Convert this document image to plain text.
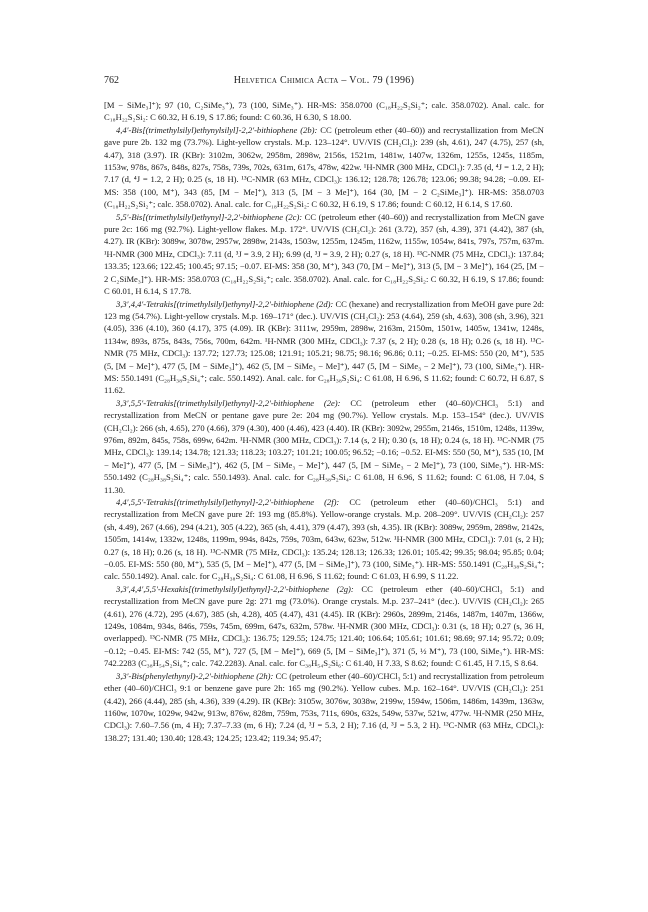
762	Helvetica Chimica Acta – Vol. 79 (1996)

[M − SiMe₃]⁺); 97 (10, C₂SiMe₃⁺), 73 (100, SiMe₃⁺). HR-MS: 358.0700 (C₁₈H₂₂S₂Si₂⁺; calc. 358.0702). Anal. calc. for C₁₈H₂₂S₂Si₂: C 60.32, H 6.19, S 17.86; found: C 60.36, H 6.30, S 18.00.

4,4′-Bis[(trimethylsilyl)ethynylsilyl]-2,2′-bithiophene (2b): CC (petroleum ether (40–60)) and recrystallization from MeCN gave pure 2b. 132 mg (73.7%). Light-yellow crystals. M.p. 123–124°. UV/VIS (CH₂Cl₂): 239 (sh, 4.61), 247 (4.75), 257 (sh, 4.47), 318 (3.97). IR (KBr): 3102m, 3062w, 2958m, 2898w, 2156s, 1521m, 1481w, 1407w, 1326m, 1255s, 1245s, 1185m, 1153w, 978s, 867s, 848s, 827s, 758s, 739s, 702s, 631m, 617s, 478w, 422w. ¹H-NMR (300 MHz, CDCl₃): 7.35 (d, ⁴J = 1.2, 2 H); 7.17 (d, ⁴J = 1.2, 2 H); 0.25 (s, 18 H). ¹³C-NMR (63 MHz, CDCl₃): 136.12; 128.78; 126.78; 123.06; 99.38; 94.28; −0.09. EI-MS: 358 (100, M⁺), 343 (85, [M − Me]⁺), 313 (5, [M − 3 Me]⁺), 164 (30, [M − 2 C₂SiMe₃]⁺). HR-MS: 358.0703 (C₁₈H₂₂S₂Si₂⁺; calc. 358.0702). Anal. calc. for C₁₈H₂₂S₂Si₂: C 60.32, H 6.19, S 17.86; found: C 60.12, H 6.14, S 17.60.

5,5′-Bis[(trimethylsilyl)ethynyl]-2,2′-bithiophene (2c): CC (petroleum ether (40–60)) and recrystallization from MeCN gave pure 2c: 166 mg (92.7%). Light-yellow flakes. M.p. 172°. UV/VIS (CH₂Cl₂): 261 (3.72), 357 (sh, 4.39), 371 (4.42), 387 (sh, 4.27). IR (KBr): 3089w, 3078w, 2957w, 2898w, 2143s, 1503w, 1255m, 1245m, 1162w, 1155w, 1054w, 841s, 797s, 757m, 637m. ¹H-NMR (300 MHz, CDCl₃): 7.11 (d, ³J = 3.9, 2 H); 6.99 (d, ³J = 3.9, 2 H); 0.27 (s, 18 H). ¹³C-NMR (75 MHz, CDCl₃): 137.84; 133.35; 123.66; 122.45; 100.45; 97.15; −0.07. EI-MS: 358 (30, M⁺), 343 (70, [M − Me]⁺), 313 (5, [M − 3 Me]⁺), 164 (25, [M − 2 C₂SiMe₃]⁺). HR-MS: 358.0703 (C₁₈H₂₂S₂Si₂⁺; calc. 358.0702). Anal. calc. for C₁₈H₂₂S₂Si₂: C 60.32, H 6.19, S 17.86; found: C 60.01, H 6.14, S 17.78.

3,3′,4,4′-Tetrakis[(trimethylsilyl)ethynyl]-2,2′-bithiophene (2d): CC (hexane) and recrystallization from MeOH gave pure 2d: 123 mg (54.7%). Light-yellow crystals. M.p. 169–171° (dec.). UV/VIS (CH₂Cl₂): 253 (4.64), 259 (sh, 4.63), 308 (sh, 3.96), 321 (4.05), 336 (4.10), 360 (4.17), 375 (4.09). IR (KBr): 3111w, 2959m, 2898w, 2163m, 2150m, 1501w, 1405w, 1341w, 1248s, 1134w, 893s, 875s, 843s, 756s, 700m, 642m. ¹H-NMR (300 MHz, CDCl₃): 7.37 (s, 2 H); 0.28 (s, 18 H); 0.26 (s, 18 H). ¹³C-NMR (75 MHz, CDCl₃): 137.72; 127.73; 125.08; 121.91; 105.21; 98.75; 98.16; 96.86; 0.11; −0.25. EI-MS: 550 (20, M⁺), 535 (5, [M − Me]⁺), 477 (5, [M − SiMe₃]⁺), 462 (5, [M − SiMe₃ − Me]⁺), 447 (5, [M − SiMe₃ − 2 Me]⁺), 73 (100, SiMe₃⁺). HR-MS: 550.1491 (C₂₈H₃₈S₂Si₄⁺; calc. 550.1492). Anal. calc. for C₂₈H₃₈S₂Si₄: C 61.08, H 6.96, S 11.62; found: C 60.72, H 6.87, S 11.62.

3,3′,5,5′-Tetrakis[(trimethylsilyl)ethynyl]-2,2′-bithiophene (2e): CC (petroleum ether (40–60)/CHCl₃ 5:1) and recrystallization from MeCN or pentane gave pure 2e: 204 mg (90.7%). Yellow crystals. M.p. 153–154° (dec.). UV/VIS (CH₂Cl₂): 266 (sh, 4.65), 270 (4.66), 379 (4.30), 400 (4.46), 423 (4.40). IR (KBr): 3092w, 2955m, 2146s, 1510m, 1248s, 1139w, 976m, 892m, 845s, 758s, 699w, 642m. ¹H-NMR (300 MHz, CDCl₃): 7.14 (s, 2 H); 0.30 (s, 18 H); 0.24 (s, 18 H). ¹³C-NMR (75 MHz, CDCl₃): 139.14; 134.78; 121.33; 118.23; 103.27; 101.21; 100.05; 96.52; −0.16; −0.52. EI-MS: 550 (50, M⁺), 535 (10, [M − Me]⁺), 477 (5, [M − SiMe₃]⁺), 462 (5, [M − SiMe₃ − Me]⁺), 447 (5, [M − SiMe₃ − 2 Me]⁺), 73 (100, SiMe₃⁺). HR-MS: 550.1492 (C₂₈H₃₈S₂Si₄⁺; calc. 550.1493). Anal. calc. for C₂₈H₃₈S₂Si₄: C 61.08, H 6.96, S 11.62; found: C 61.08, H 7.04, S 11.30.

4,4′,5,5′-Tetrakis[(trimethylsilyl)ethynyl]-2,2′-bithiophene (2f): CC (petroleum ether (40–60)/CHCl₃ 5:1) and recrystallization from MeCN gave pure 2f: 193 mg (85.8%). Yellow-orange crystals. M.p. 208–209°. UV/VIS (CH₂Cl₂): 257 (sh, 4.49), 267 (4.66), 294 (4.21), 305 (4.22), 365 (sh, 4.41), 379 (4.47), 393 (sh, 4.35). IR (KBr): 3089w, 2959m, 2898w, 2142s, 1505m, 1414w, 1332w, 1248s, 1199m, 994s, 842s, 759s, 703m, 643w, 623w, 512w. ¹H-NMR (300 MHz, CDCl₃): 7.01 (s, 2 H); 0.27 (s, 18 H); 0.26 (s, 18 H). ¹³C-NMR (75 MHz, CDCl₃): 135.24; 128.13; 126.33; 126.01; 105.42; 99.35; 98.04; 95.85; 0.04; −0.05. EI-MS: 550 (80, M⁺), 535 (5, [M − Me]⁺), 477 (5, [M − SiMe₃]⁺), 73 (100, SiMe₃⁺). HR-MS: 550.1491 (C₂₈H₃₈S₂Si₄⁺; calc. 550.1492). Anal. calc. for C₂₈H₃₈S₂Si₄: C 61.08, H 6.96, S 11.62; found: C 61.03, H 6.99, S 11.22.

3,3′,4,4′,5,5′-Hexakis[(trimethylsilyl)ethynyl]-2,2′-bithiophene (2g): CC (petroleum ether (40–60)/CHCl₃ 5:1) and recrystallization from MeCN gave pure 2g: 271 mg (73.0%). Orange crystals. M.p. 237–241° (dec.). UV/VIS (CH₂Cl₂): 265 (4.61), 276 (4.72), 295 (4.67), 385 (sh, 4.28), 405 (4.47), 431 (4.45). IR (KBr): 2960s, 2899m, 2146s, 1487m, 1407m, 1366w, 1249s, 1084m, 934s, 846s, 759s, 745m, 699m, 647s, 632m, 578w. ¹H-NMR (300 MHz, CDCl₃): 0.31 (s, 18 H); 0.27 (s, 36 H, overlapped). ¹³C-NMR (75 MHz, CDCl₃): 136.75; 129.55; 124.75; 121.40; 106.64; 105.61; 101.61; 98.69; 97.14; 95.72; 0.09; −0.12; −0.45. EI-MS: 742 (55, M⁺), 727 (5, [M − Me]⁺), 669 (5, [M − SiMe₃]⁺), 371 (5, ½ M⁺), 73 (100, SiMe₃⁺). HR-MS: 742.2283 (C₃₈H₅₄S₂Si₆⁺; calc. 742.2283). Anal. calc. for C₃₈H₅₄S₂Si₆: C 61.40, H 7.33, S 8.62; found: C 61.45, H 7.15, S 8.64.

3,3′-Bis(phenylethynyl)-2,2′-bithiophene (2h): CC (petroleum ether (40–60)/CHCl₃ 5:1) and recrystallization from petroleum ether (40–60)/CHCl₃ 9:1 or benzene gave pure 2h: 165 mg (90.2%). Yellow cubes. M.p. 162–164°. UV/VIS (CH₂Cl₂): 251 (4.42), 266 (4.44), 285 (sh, 4.36), 339 (4.29). IR (KBr): 3105w, 3076w, 3038w, 2199w, 1594w, 1506m, 1486m, 1439m, 1363w, 1160w, 1070w, 1029w, 942w, 913w, 876w, 828m, 759m, 753s, 711s, 690s, 632s, 549w, 537w, 521w, 477w. ¹H-NMR (250 MHz, CDCl₃): 7.60–7.56 (m, 4 H); 7.37–7.33 (m, 6 H); 7.24 (d, ³J = 5.3, 2 H); 7.16 (d, ³J = 5.3, 2 H). ¹³C-NMR (63 MHz, CDCl₃): 138.27; 131.40; 130.40; 128.43; 124.25; 123.42; 119.34; 95.47;
